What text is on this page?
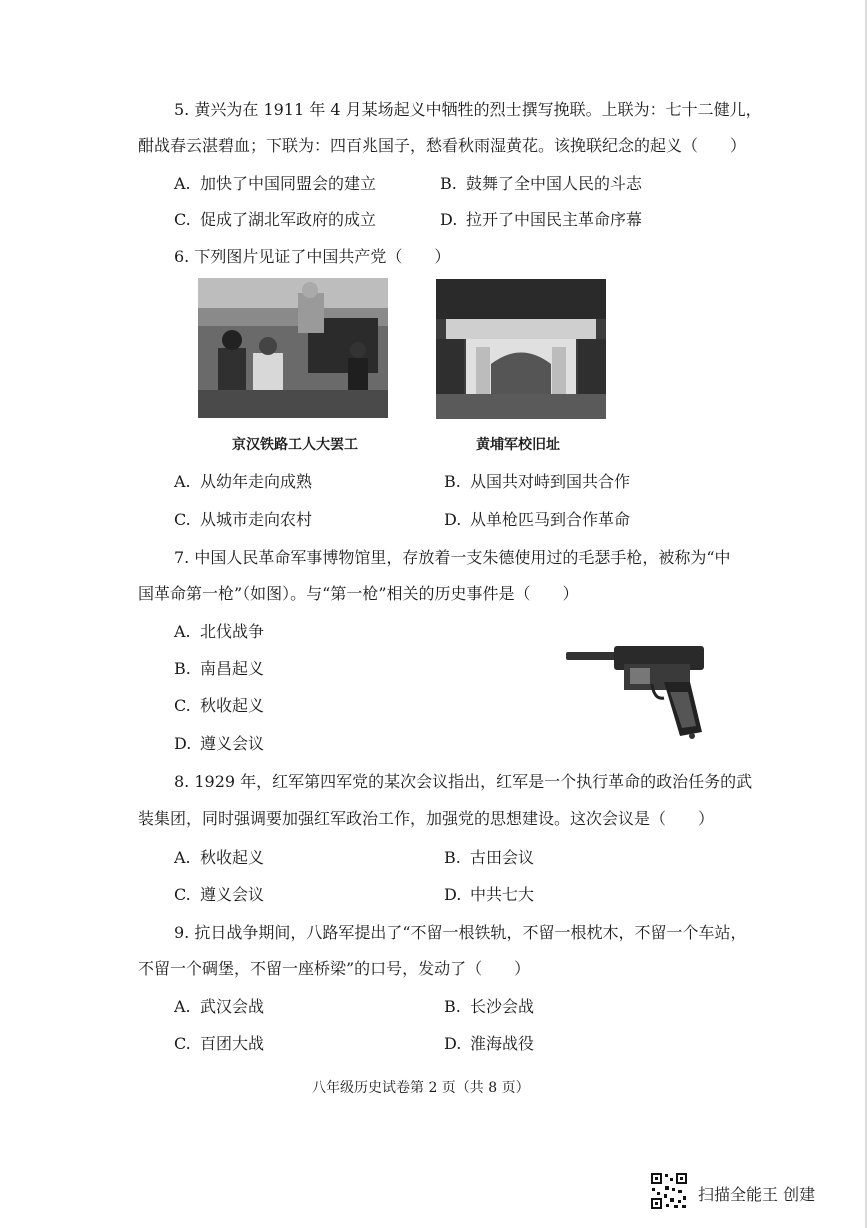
5. 黄兴为在 1911 年 4 月某场起义中牺牲的烈士撰写挽联。上联为：七十二健儿，
酣战春云湛碧血；下联为：四百兆国子，愁看秋雨湿黄花。该挽联纪念的起义（　　）
A. 加快了中国同盟会的建立	B. 鼓舞了全中国人民的斗志
C. 促成了湖北军政府的成立	D. 拉开了中国民主革命序幕
6. 下列图片见证了中国共产党（　　）
京汉铁路工人大罢工	黄埔军校旧址
A. 从幼年走向成熟	B. 从国共对峙到国共合作
C. 从城市走向农村	D. 从单枪匹马到合作革命
7. 中国人民革命军事博物馆里，存放着一支朱德使用过的毛瑟手枪，被称为“中
国革命第一枪”（如图）。与“第一枪”相关的历史事件是（　　）
A. 北伐战争
B. 南昌起义
C. 秋收起义
D. 遵义会议
8. 1929 年，红军第四军党的某次会议指出，红军是一个执行革命的政治任务的武
装集团，同时强调要加强红军政治工作，加强党的思想建设。这次会议是（　　）
A. 秋收起义	B. 古田会议
C. 遵义会议	D. 中共七大
9. 抗日战争期间，八路军提出了“不留一根铁轨，不留一根枕木，不留一个车站，
不留一个碉堡，不留一座桥梁”的口号，发动了（　　）
A. 武汉会战	B. 长沙会战
C. 百团大战	D. 淮海战役
八年级历史试卷第 2 页（共 8 页）
扫描全能王 创建
